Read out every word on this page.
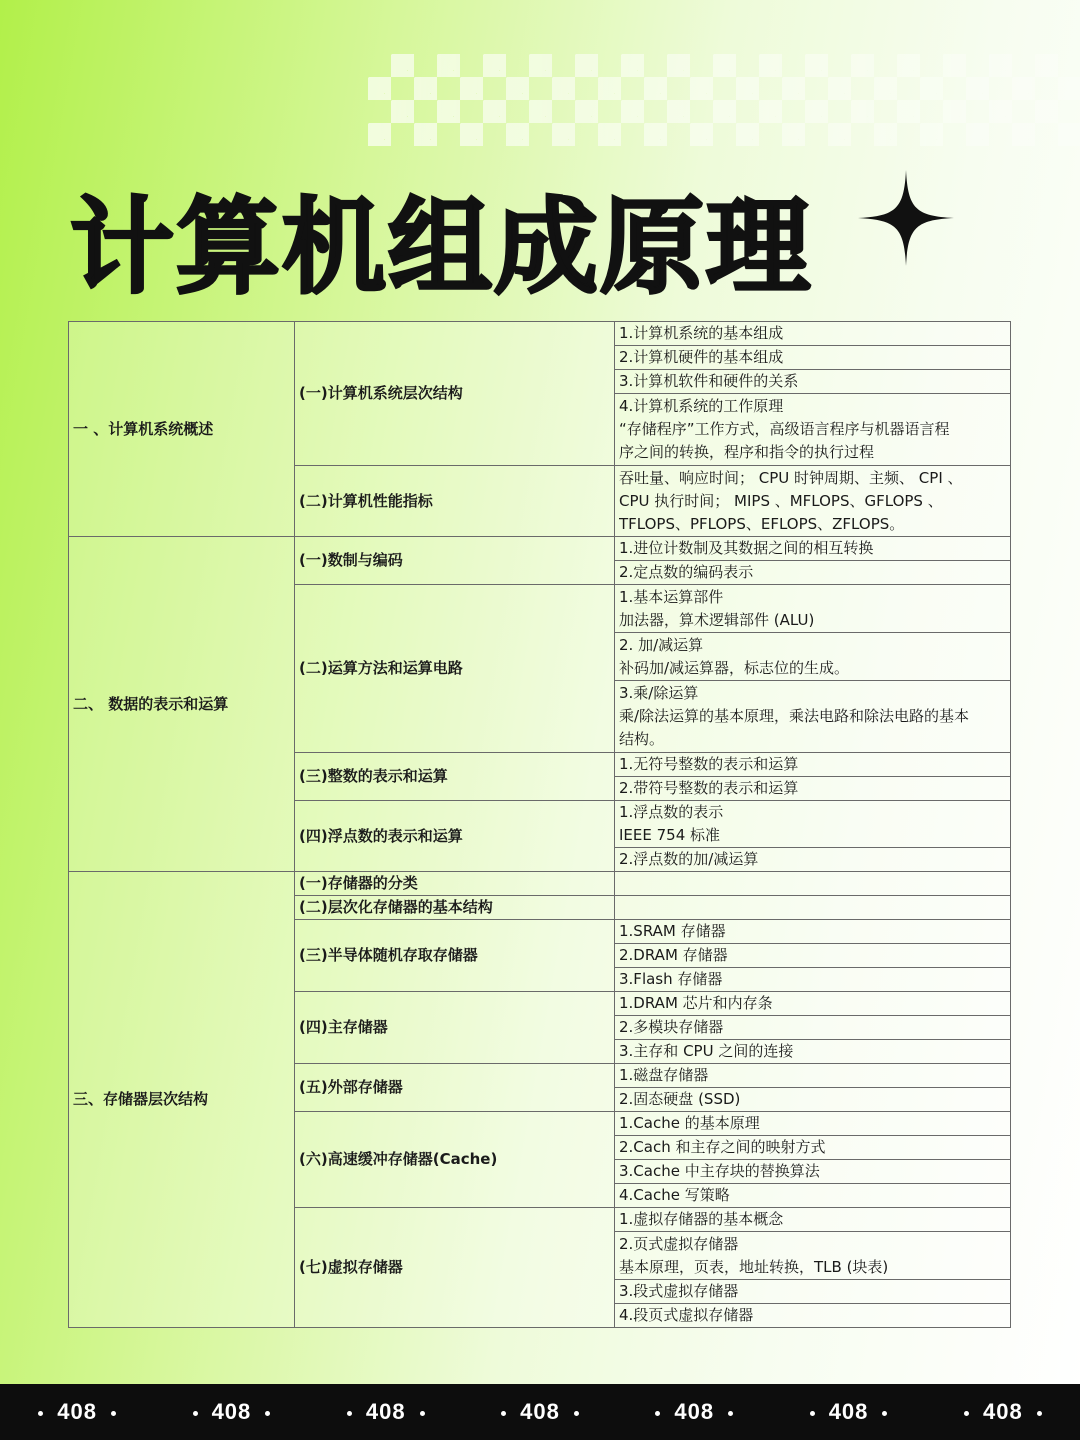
计算机组成原理
一 、计算机系统概述	(一)计算机系统层次结构	1.计算机系统的基本组成

		2.计算机硬件的基本组成

		3.计算机软件和硬件的关系

		4.计算机系统的工作原理
“存储程序”工作方式，高级语言程序与机器语言程
序之间的转换，程序和指令的执行过程

	(二)计算机性能指标	吞吐量、响应时间； CPU 时钟周期、主频、 CPI 、
CPU 执行时间； MIPS 、MFLOPS、GFLOPS 、
TFLOPS、PFLOPS、EFLOPS、ZFLOPS。

二、 数据的表示和运算	(一)数制与编码	1.进位计数制及其数据之间的相互转换

		2.定点数的编码表示

	(二)运算方法和运算电路	1.基本运算部件
加法器，算术逻辑部件 (ALU)

		2. 加/减运算
补码加/减运算器，标志位的生成。

		3.乘/除运算
乘/除法运算的基本原理，乘法电路和除法电路的基本
结构。

	(三)整数的表示和运算	1.无符号整数的表示和运算

		2.带符号整数的表示和运算

	(四)浮点数的表示和运算	1.浮点数的表示
IEEE 754 标准

		2.浮点数的加/减运算

三、存储器层次结构	(一)存储器的分类	

	(二)层次化存储器的基本结构	

	(三)半导体随机存取存储器	1.SRAM 存储器

		2.DRAM 存储器

		3.Flash 存储器

	(四)主存储器	1.DRAM 芯片和内存条

		2.多模块存储器

		3.主存和 CPU 之间的连接

	(五)外部存储器	1.磁盘存储器

		2.固态硬盘 (SSD)

	(六)高速缓冲存储器(Cache)	1.Cache 的基本原理

		2.Cach 和主存之间的映射方式

		3.Cache 中主存块的替换算法

		4.Cache 写策略

	(七)虚拟存储器	1.虚拟存储器的基本概念

		2.页式虚拟存储器
基本原理，页表，地址转换，TLB (块表)

		3.段式虚拟存储器

		4.段页式虚拟存储器
408	408	408	408	408	408	408
